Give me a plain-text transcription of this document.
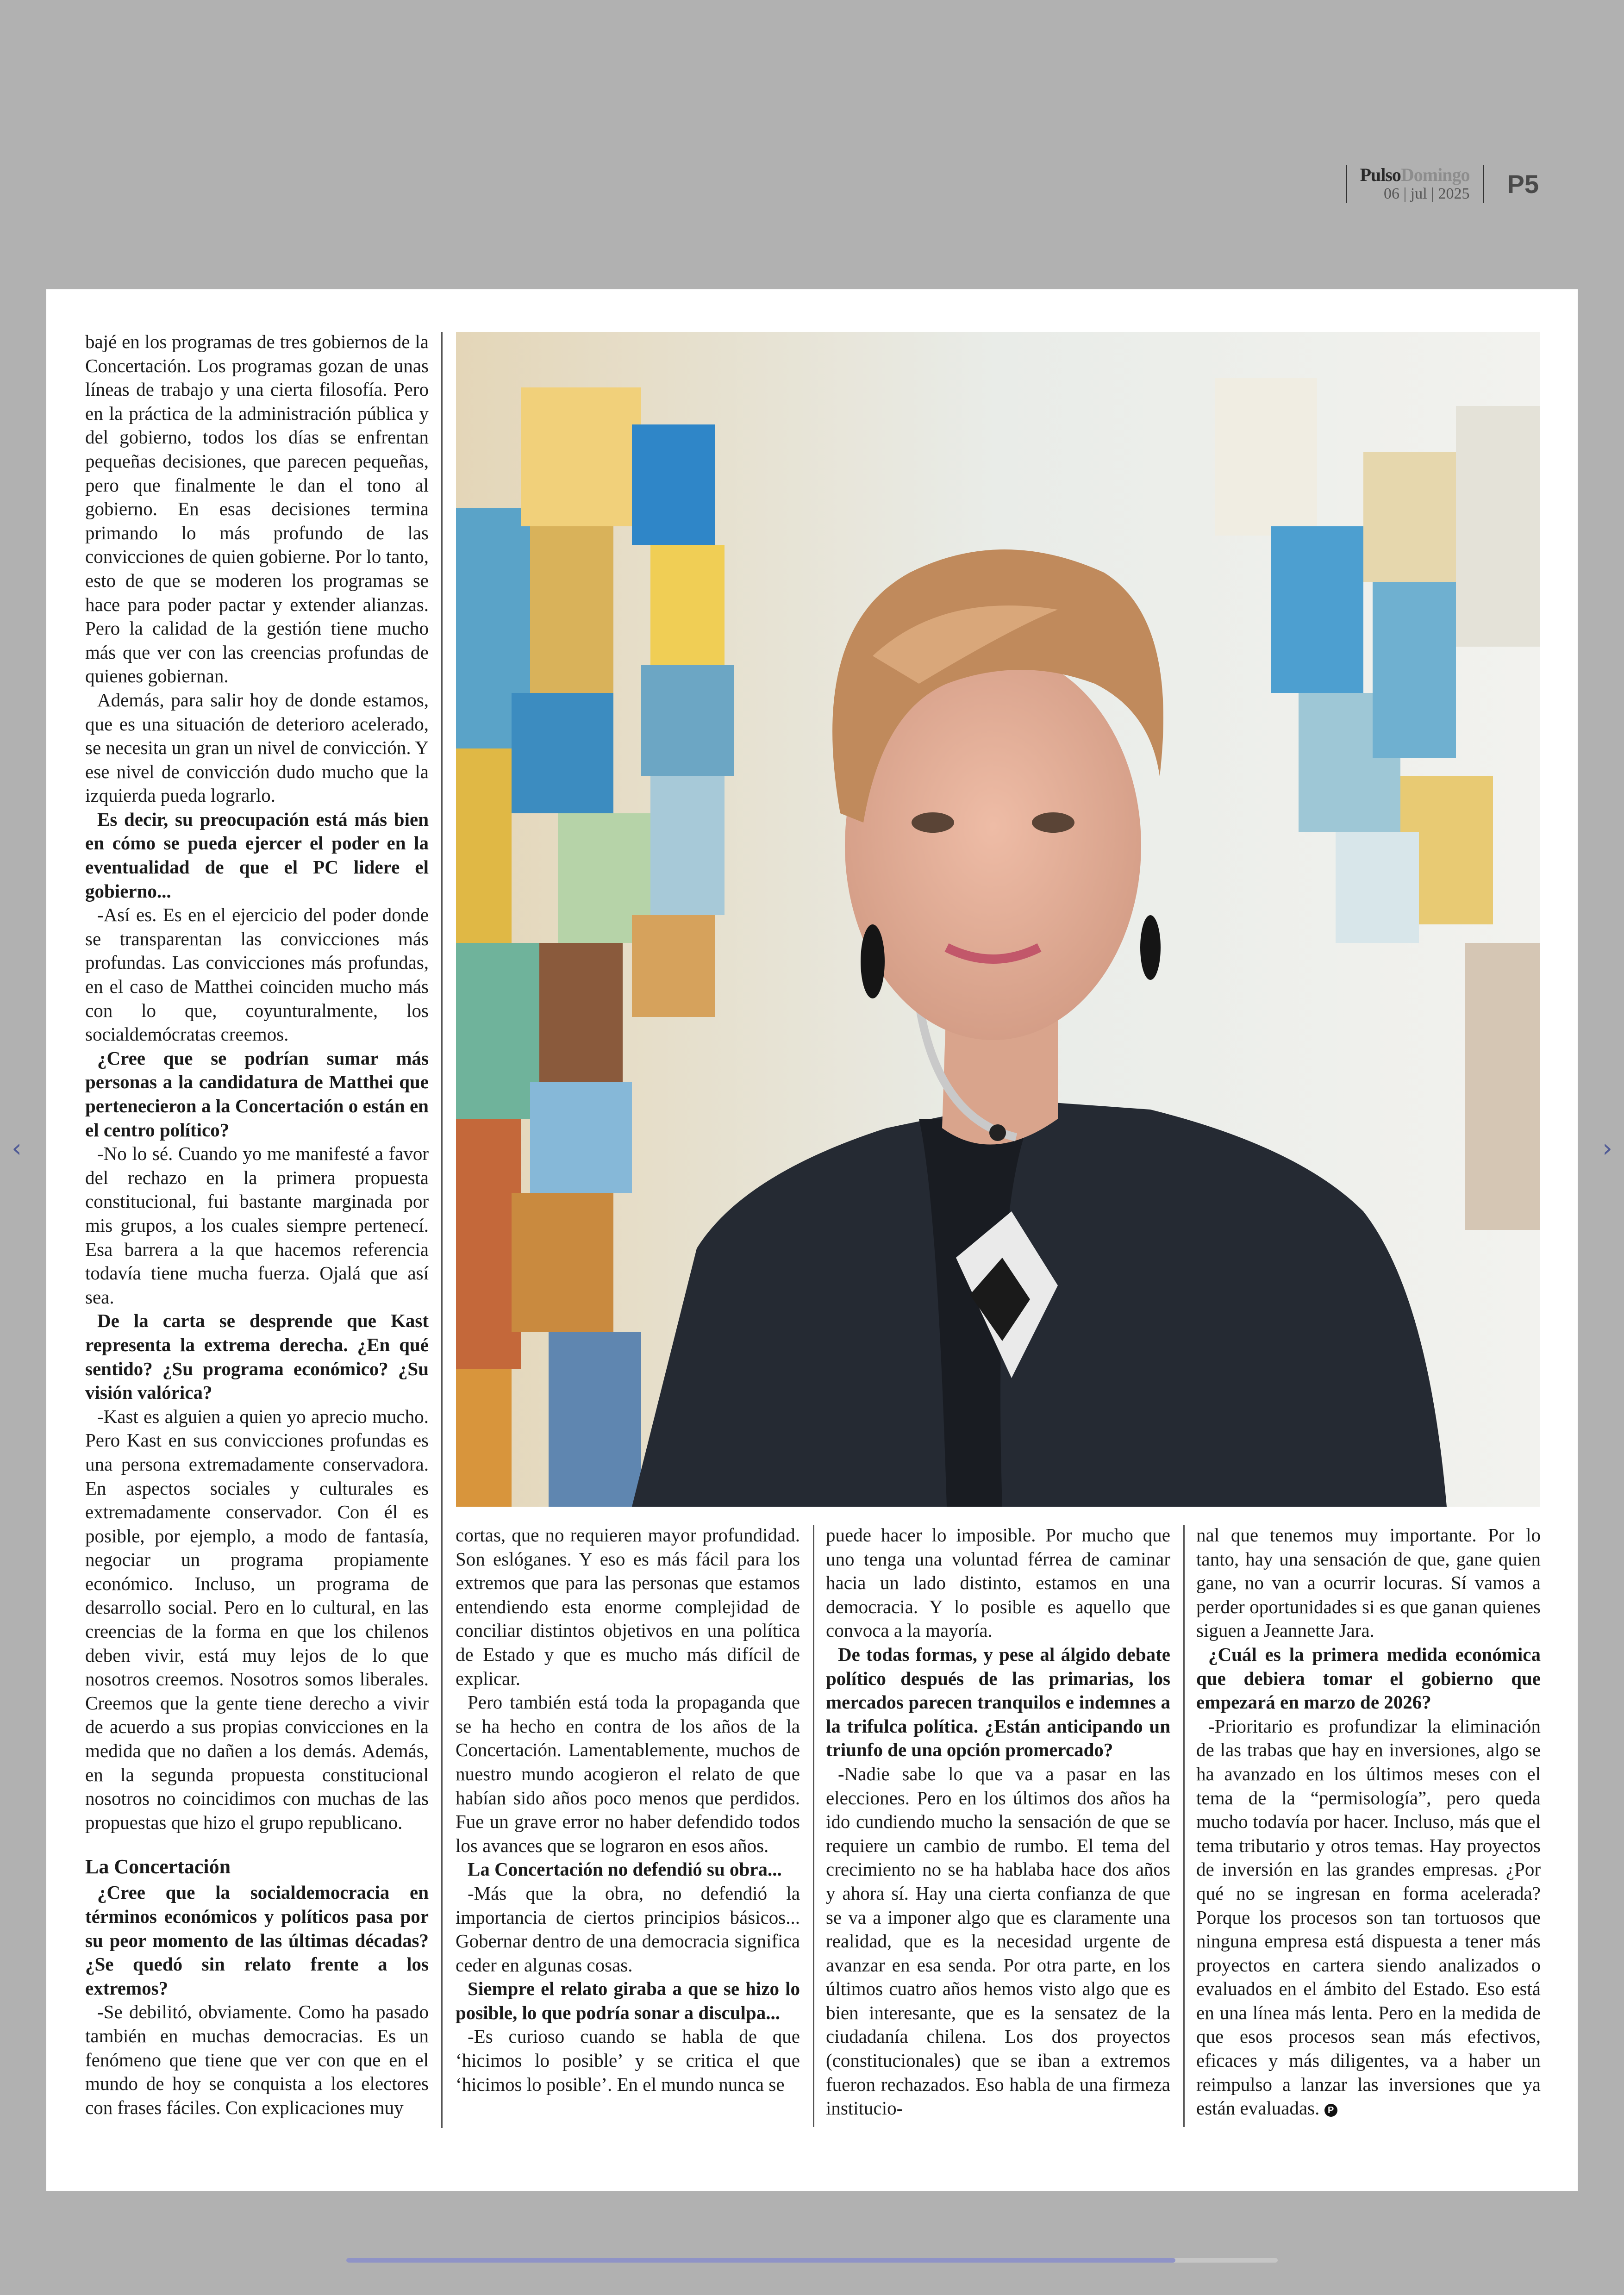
PulsoDomingo
06 | jul | 2025	P5
‹	›

bajé en los programas de tres gobiernos de la Concertación. Los programas gozan de unas líneas de trabajo y una cierta filosofía. Pero en la práctica de la administración pública y del gobierno, todos los días se enfrentan pequeñas decisiones, que parecen pequeñas, pero que finalmente le dan el tono al gobierno. En esas decisiones termina primando lo más profundo de las convicciones de quien gobierne. Por lo tanto, esto de que se moderen los programas se hace para poder pactar y extender alianzas. Pero la calidad de la gestión tiene mucho más que ver con las creencias profundas de quienes gobiernan.

Además, para salir hoy de donde estamos, que es una situación de deterioro acelerado, se necesita un gran un nivel de convicción. Y ese nivel de convicción dudo mucho que la izquierda pueda lograrlo.

Es decir, su preocupación está más bien en cómo se pueda ejercer el poder en la eventualidad de que el PC lidere el gobierno...

-Así es. Es en el ejercicio del poder donde se transparentan las convicciones más profundas. Las convicciones más profundas, en el caso de Matthei coinciden mucho más con lo que, coyunturalmente, los socialdemócratas creemos.

¿Cree que se podrían sumar más personas a la candidatura de Matthei que pertenecieron a la Concertación o están en el centro político?

-No lo sé. Cuando yo me manifesté a favor del rechazo en la primera propuesta constitucional, fui bastante marginada por mis grupos, a los cuales siempre pertenecí. Esa barrera a la que hacemos referencia todavía tiene mucha fuerza. Ojalá que así sea.

De la carta se desprende que Kast representa la extrema derecha. ¿En qué sentido? ¿Su programa económico? ¿Su visión valórica?

-Kast es alguien a quien yo aprecio mucho. Pero Kast en sus convicciones profundas es una persona extremadamente conservadora. En aspectos sociales y culturales es extremadamente conservador. Con él es posible, por ejemplo, a modo de fantasía, negociar un programa propiamente económico. Incluso, un programa de desarrollo social. Pero en lo cultural, en las creencias de la forma en que los chilenos deben vivir, está muy lejos de lo que nosotros creemos. Nosotros somos liberales. Creemos que la gente tiene derecho a vivir de acuerdo a sus propias convicciones en la medida que no dañen a los demás. Además, en la segunda propuesta constitucional nosotros no coincidimos con muchas de las propuestas que hizo el grupo republicano.

La Concertación

¿Cree que la socialdemocracia en términos económicos y políticos pasa por su peor momento de las últimas décadas? ¿Se quedó sin relato frente a los extremos?

-Se debilitó, obviamente. Como ha pasado también en muchas democracias. Es un fenómeno que tiene que ver con que en el mundo de hoy se conquista a los electores con frases fáciles. Con explicaciones muy

cortas, que no requieren mayor profundidad. Son eslóganes. Y eso es más fácil para los extremos que para las personas que estamos entendiendo esta enorme complejidad de conciliar distintos objetivos en una política de Estado y que es mucho más difícil de explicar.

Pero también está toda la propaganda que se ha hecho en contra de los años de la Concertación. Lamentablemente, muchos de nuestro mundo acogieron el relato de que habían sido años poco menos que perdidos. Fue un grave error no haber defendido todos los avances que se lograron en esos años.

La Concertación no defendió su obra...

-Más que la obra, no defendió la importancia de ciertos principios básicos... Gobernar dentro de una democracia significa ceder en algunas cosas.

Siempre el relato giraba a que se hizo lo posible, lo que podría sonar a disculpa...

-Es curioso cuando se habla de que ‘hicimos lo posible’ y se critica el que ‘hicimos lo posible’. En el mundo nunca se

puede hacer lo imposible. Por mucho que uno tenga una voluntad férrea de caminar hacia un lado distinto, estamos en una democracia. Y lo posible es aquello que convoca a la mayoría.

De todas formas, y pese al álgido debate político después de las primarias, los mercados parecen tranquilos e indemnes a la trifulca política. ¿Están anticipando un triunfo de una opción promercado?

-Nadie sabe lo que va a pasar en las elecciones. Pero en los últimos dos años ha ido cundiendo mucho la sensación de que se requiere un cambio de rumbo. El tema del crecimiento no se ha hablaba hace dos años y ahora sí. Hay una cierta confianza de que se va a imponer algo que es claramente una realidad, que es la necesidad urgente de avanzar en esa senda. Por otra parte, en los últimos cuatro años hemos visto algo que es bien interesante, que es la sensatez de la ciudadanía chilena. Los dos proyectos (constitucionales) que se iban a extremos fueron rechazados. Eso habla de una firmeza institucio-

nal que tenemos muy importante. Por lo tanto, hay una sensación de que, gane quien gane, no van a ocurrir locuras. Sí vamos a perder oportunidades si es que ganan quienes siguen a Jeannette Jara.

¿Cuál es la primera medida económica que debiera tomar el gobierno que empezará en marzo de 2026?

-Prioritario es profundizar la eliminación de las trabas que hay en inversiones, algo se ha avanzado en los últimos meses con el tema de la “permisología”, pero queda mucho todavía por hacer. Incluso, más que el tema tributario y otros temas. Hay proyectos de inversión en las grandes empresas. ¿Por qué no se ingresan en forma acelerada? Porque los procesos son tan tortuosos que ninguna empresa está dispuesta a tener más proyectos en cartera siendo analizados o evaluados en el ámbito del Estado. Eso está en una línea más lenta. Pero en la medida de que esos procesos sean más efectivos, eficaces y más diligentes, va a haber un reimpulso a lanzar las inversiones que ya están evaluadas. P
